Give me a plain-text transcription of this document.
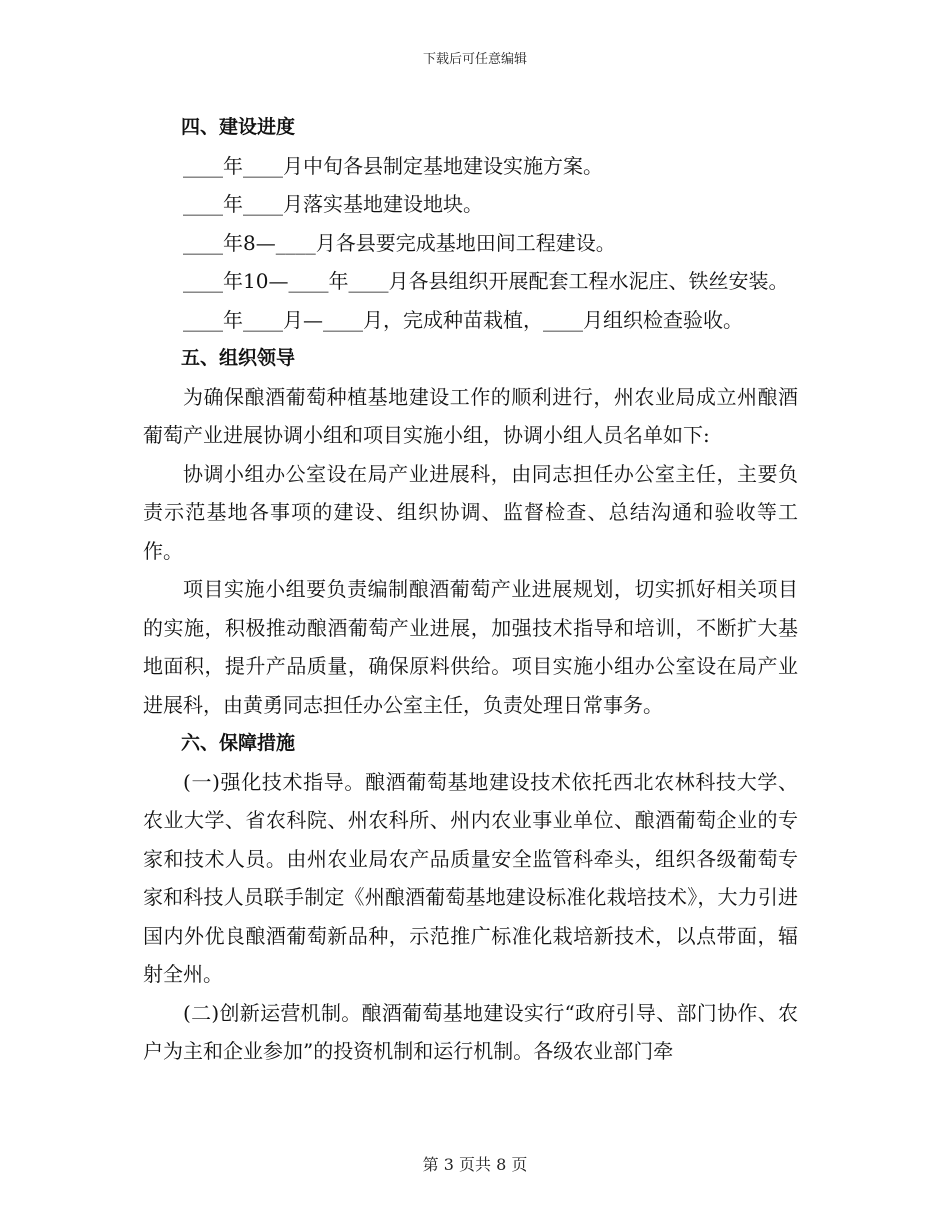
下载后可任意编辑
四、建设进度
____年____月中旬各县制定基地建设实施方案。
____年____月落实基地建设地块。
____年8—____月各县要完成基地田间工程建设。
____年10—____年____月各县组织开展配套工程水泥庄、铁丝安装。
____年____月—____月，完成种苗栽植，____月组织检查验收。
五、组织领导
为确保酿酒葡萄种植基地建设工作的顺利进行，州农业局成立州酿酒葡萄产业进展协调小组和项目实施小组，协调小组人员名单如下:
协调小组办公室设在局产业进展科，由同志担任办公室主任，主要负责示范基地各事项的建设、组织协调、监督检查、总结沟通和验收等工作。
项目实施小组要负责编制酿酒葡萄产业进展规划，切实抓好相关项目的实施，积极推动酿酒葡萄产业进展，加强技术指导和培训，不断扩大基地面积，提升产品质量，确保原料供给。项目实施小组办公室设在局产业进展科，由黄勇同志担任办公室主任，负责处理日常事务。
六、保障措施
(一)强化技术指导。酿酒葡萄基地建设技术依托西北农林科技大学、农业大学、省农科院、州农科所、州内农业事业单位、酿酒葡萄企业的专家和技术人员。由州农业局农产品质量安全监管科牵头，组织各级葡萄专家和科技人员联手制定《州酿酒葡萄基地建设标准化栽培技术》，大力引进国内外优良酿酒葡萄新品种，示范推广标准化栽培新技术，以点带面，辐射全州。
(二)创新运营机制。酿酒葡萄基地建设实行“政府引导、部门协作、农户为主和企业参加”的投资机制和运行机制。各级农业部门牵
第 3 页共 8 页
